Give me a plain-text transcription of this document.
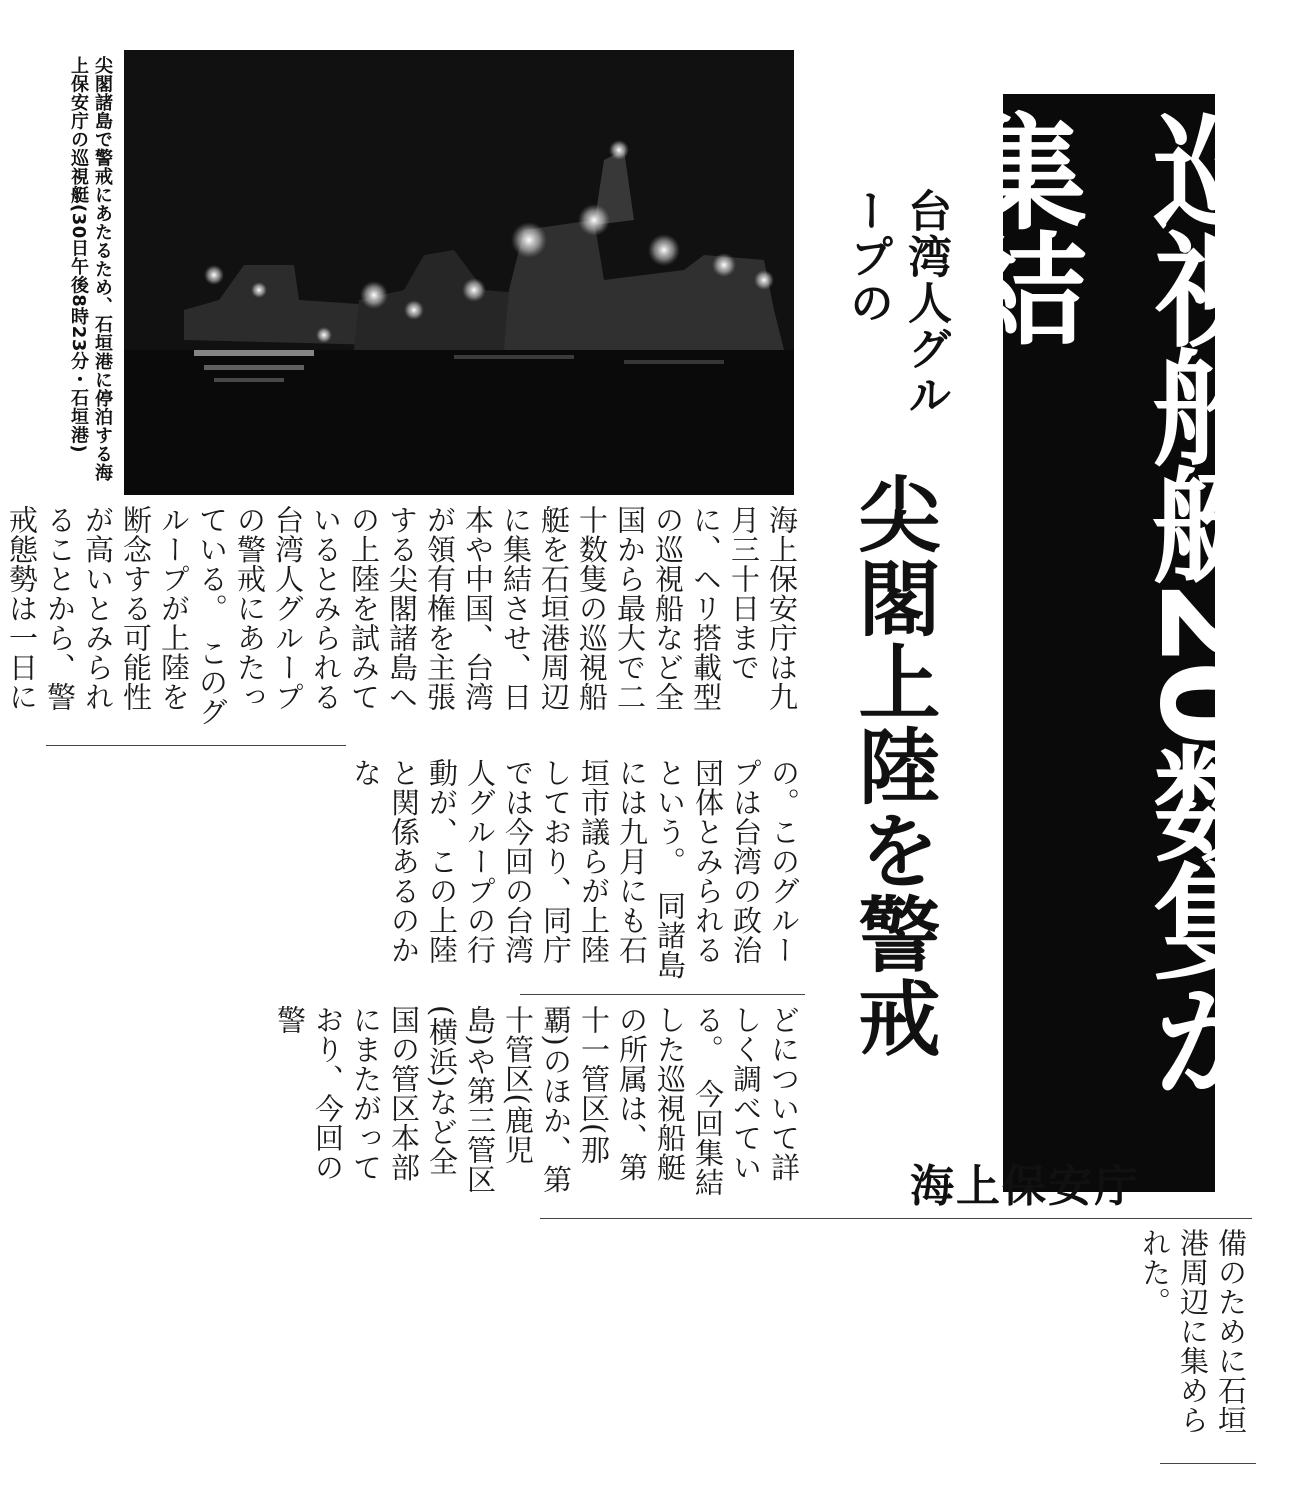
尖閣諸島で警戒にあたるため、石垣港に停泊する海上保安庁の巡視艇(30日午後8時23分・石垣港)	巡視船艇20数隻が集結
台湾人グループの
尖閣上陸を警戒
海上保安庁
海上保安庁は九月三十日までに、ヘリ搭載型の巡視船など全国から最大で二十数隻の巡視船艇を石垣港周辺に集結させ、日本や中国、台湾が領有権を主張する尖閣諸島への上陸を試みているとみられる台湾人グループの警戒にあたっている。　このグループが上陸を断念する可能性が高いとみられることから、警戒態勢は一日に　
の。このグループは台湾の政治団体とみられるという。　同諸島には九月にも石垣市議らが上陸しており、同庁では今回の台湾人グループの行動が、この上陸と関係あるのかな
どについて詳しく調べている。　今回集結した巡視船艇の所属は、第十一管区(那覇)のほか、第十管区(鹿児島)や第三管区(横浜)など全国の管区本部にまたがっており、今回の警
備のために石垣港周辺に集められた。
